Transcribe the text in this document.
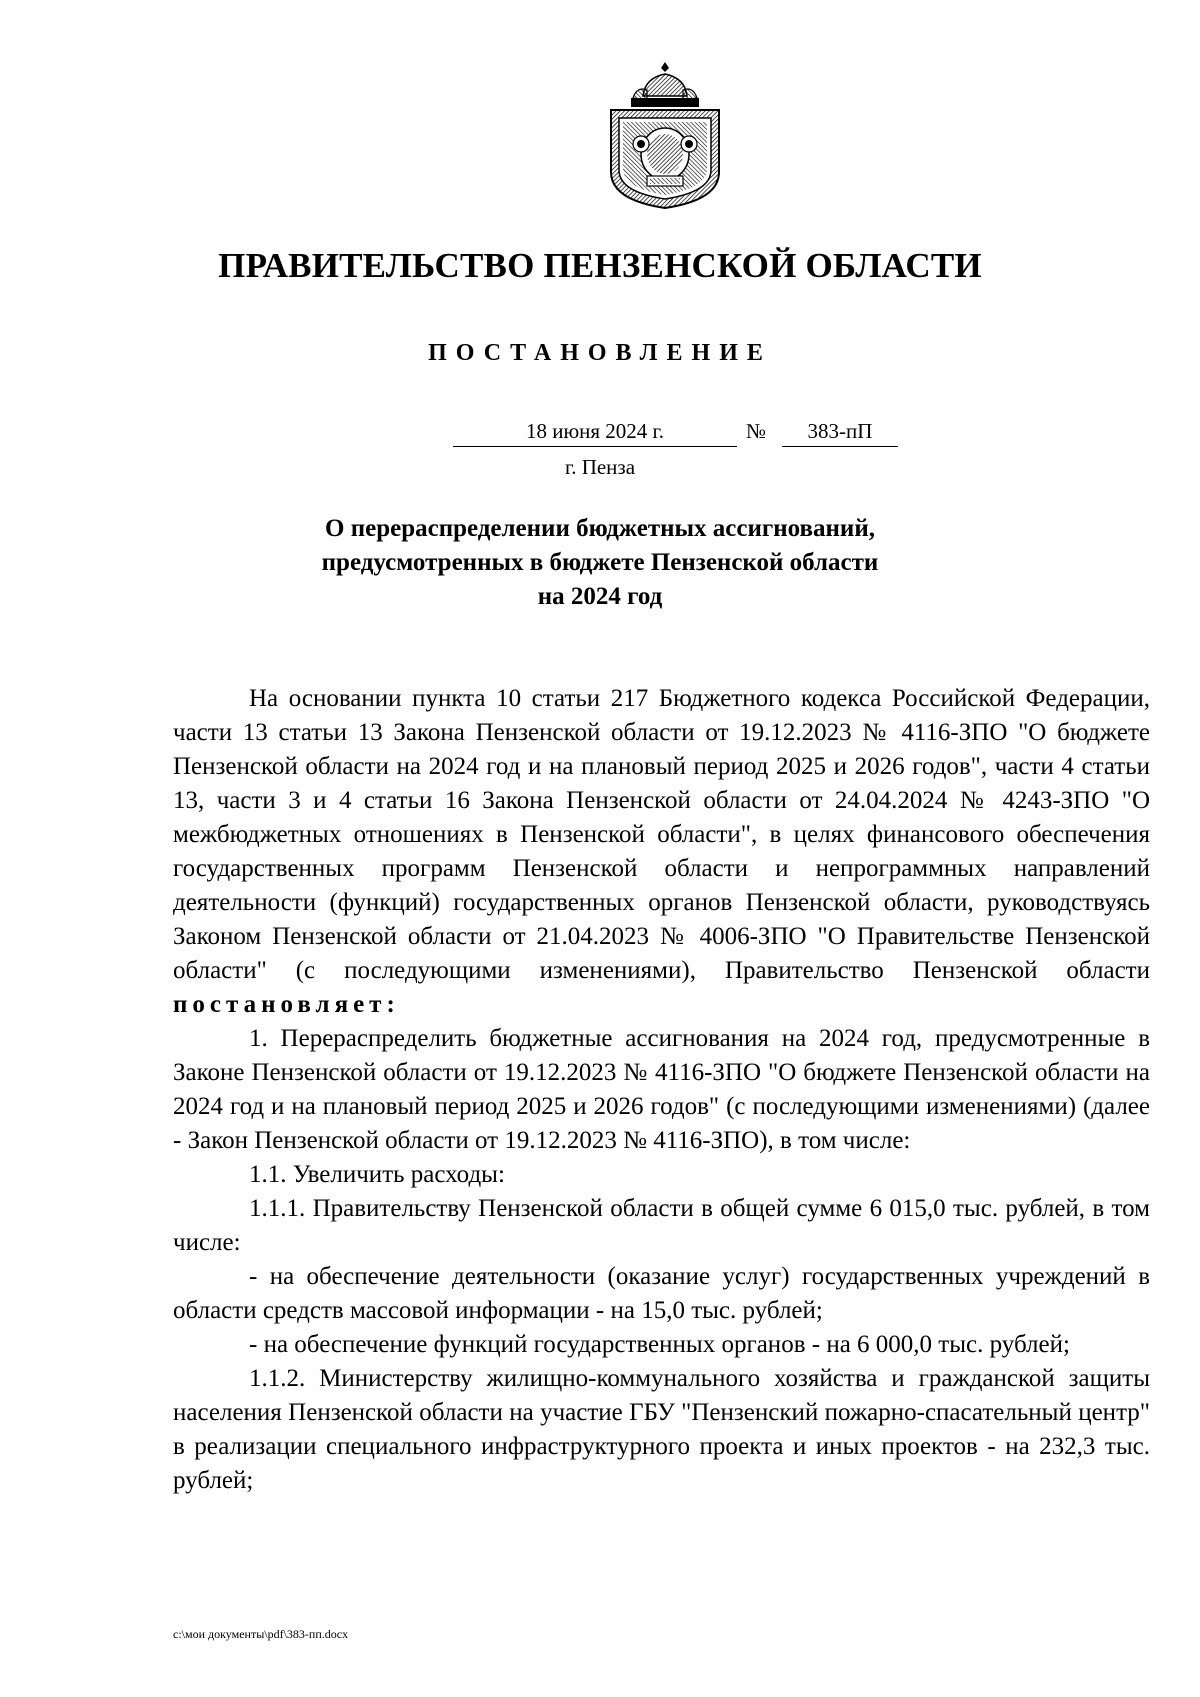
ПРАВИТЕЛЬСТВО ПЕНЗЕНСКОЙ ОБЛАСТИ
ПОСТАНОВЛЕНИЕ
18 июня 2024 г.	№	383-пП
г. Пенза
О перераспределении бюджетных ассигнований,
предусмотренных в бюджете Пензенской области
на 2024 год

На основании пункта 10 статьи 217 Бюджетного кодекса Российской Федерации, части 13 статьи 13 Закона Пензенской области от 19.12.2023 № 4116-ЗПО "О бюджете Пензенской области на 2024 год и на плановый период 2025 и 2026 годов", части 4 статьи 13, части 3 и 4 статьи 16 Закона Пензенской области от 24.04.2024 № 4243-ЗПО "О межбюджетных отношениях в Пензенской области", в целях финансового обеспечения государственных программ Пензенской области и непрограммных направлений деятельности (функций) государственных органов Пензенской области, руководствуясь Законом Пензенской области от 21.04.2023 № 4006-ЗПО "О Правительстве Пензенской области" (с последующими изменениями), Правительство Пензенской области постановляет:

1. Перераспределить бюджетные ассигнования на 2024 год, предусмотренные в Законе Пензенской области от 19.12.2023 № 4116-ЗПО "О бюджете Пензенской области на 2024 год и на плановый период 2025 и 2026 годов" (с последующими изменениями) (далее - Закон Пензенской области от 19.12.2023 № 4116-ЗПО), в том числе:

1.1. Увеличить расходы:

1.1.1. Правительству Пензенской области в общей сумме 6 015,0 тыс. рублей, в том числе:

- на обеспечение деятельности (оказание услуг) государственных учреждений в области средств массовой информации - на 15,0 тыс. рублей;

- на обеспечение функций государственных органов - на 6 000,0 тыс. рублей;

1.1.2. Министерству жилищно-коммунального хозяйства и гражданской защиты населения Пензенской области на участие ГБУ "Пензенский пожарно-спасательный центр" в реализации специального инфраструктурного проекта и иных проектов - на 232,3 тыс. рублей;

c:\мои документы\pdf\383-пп.docx
